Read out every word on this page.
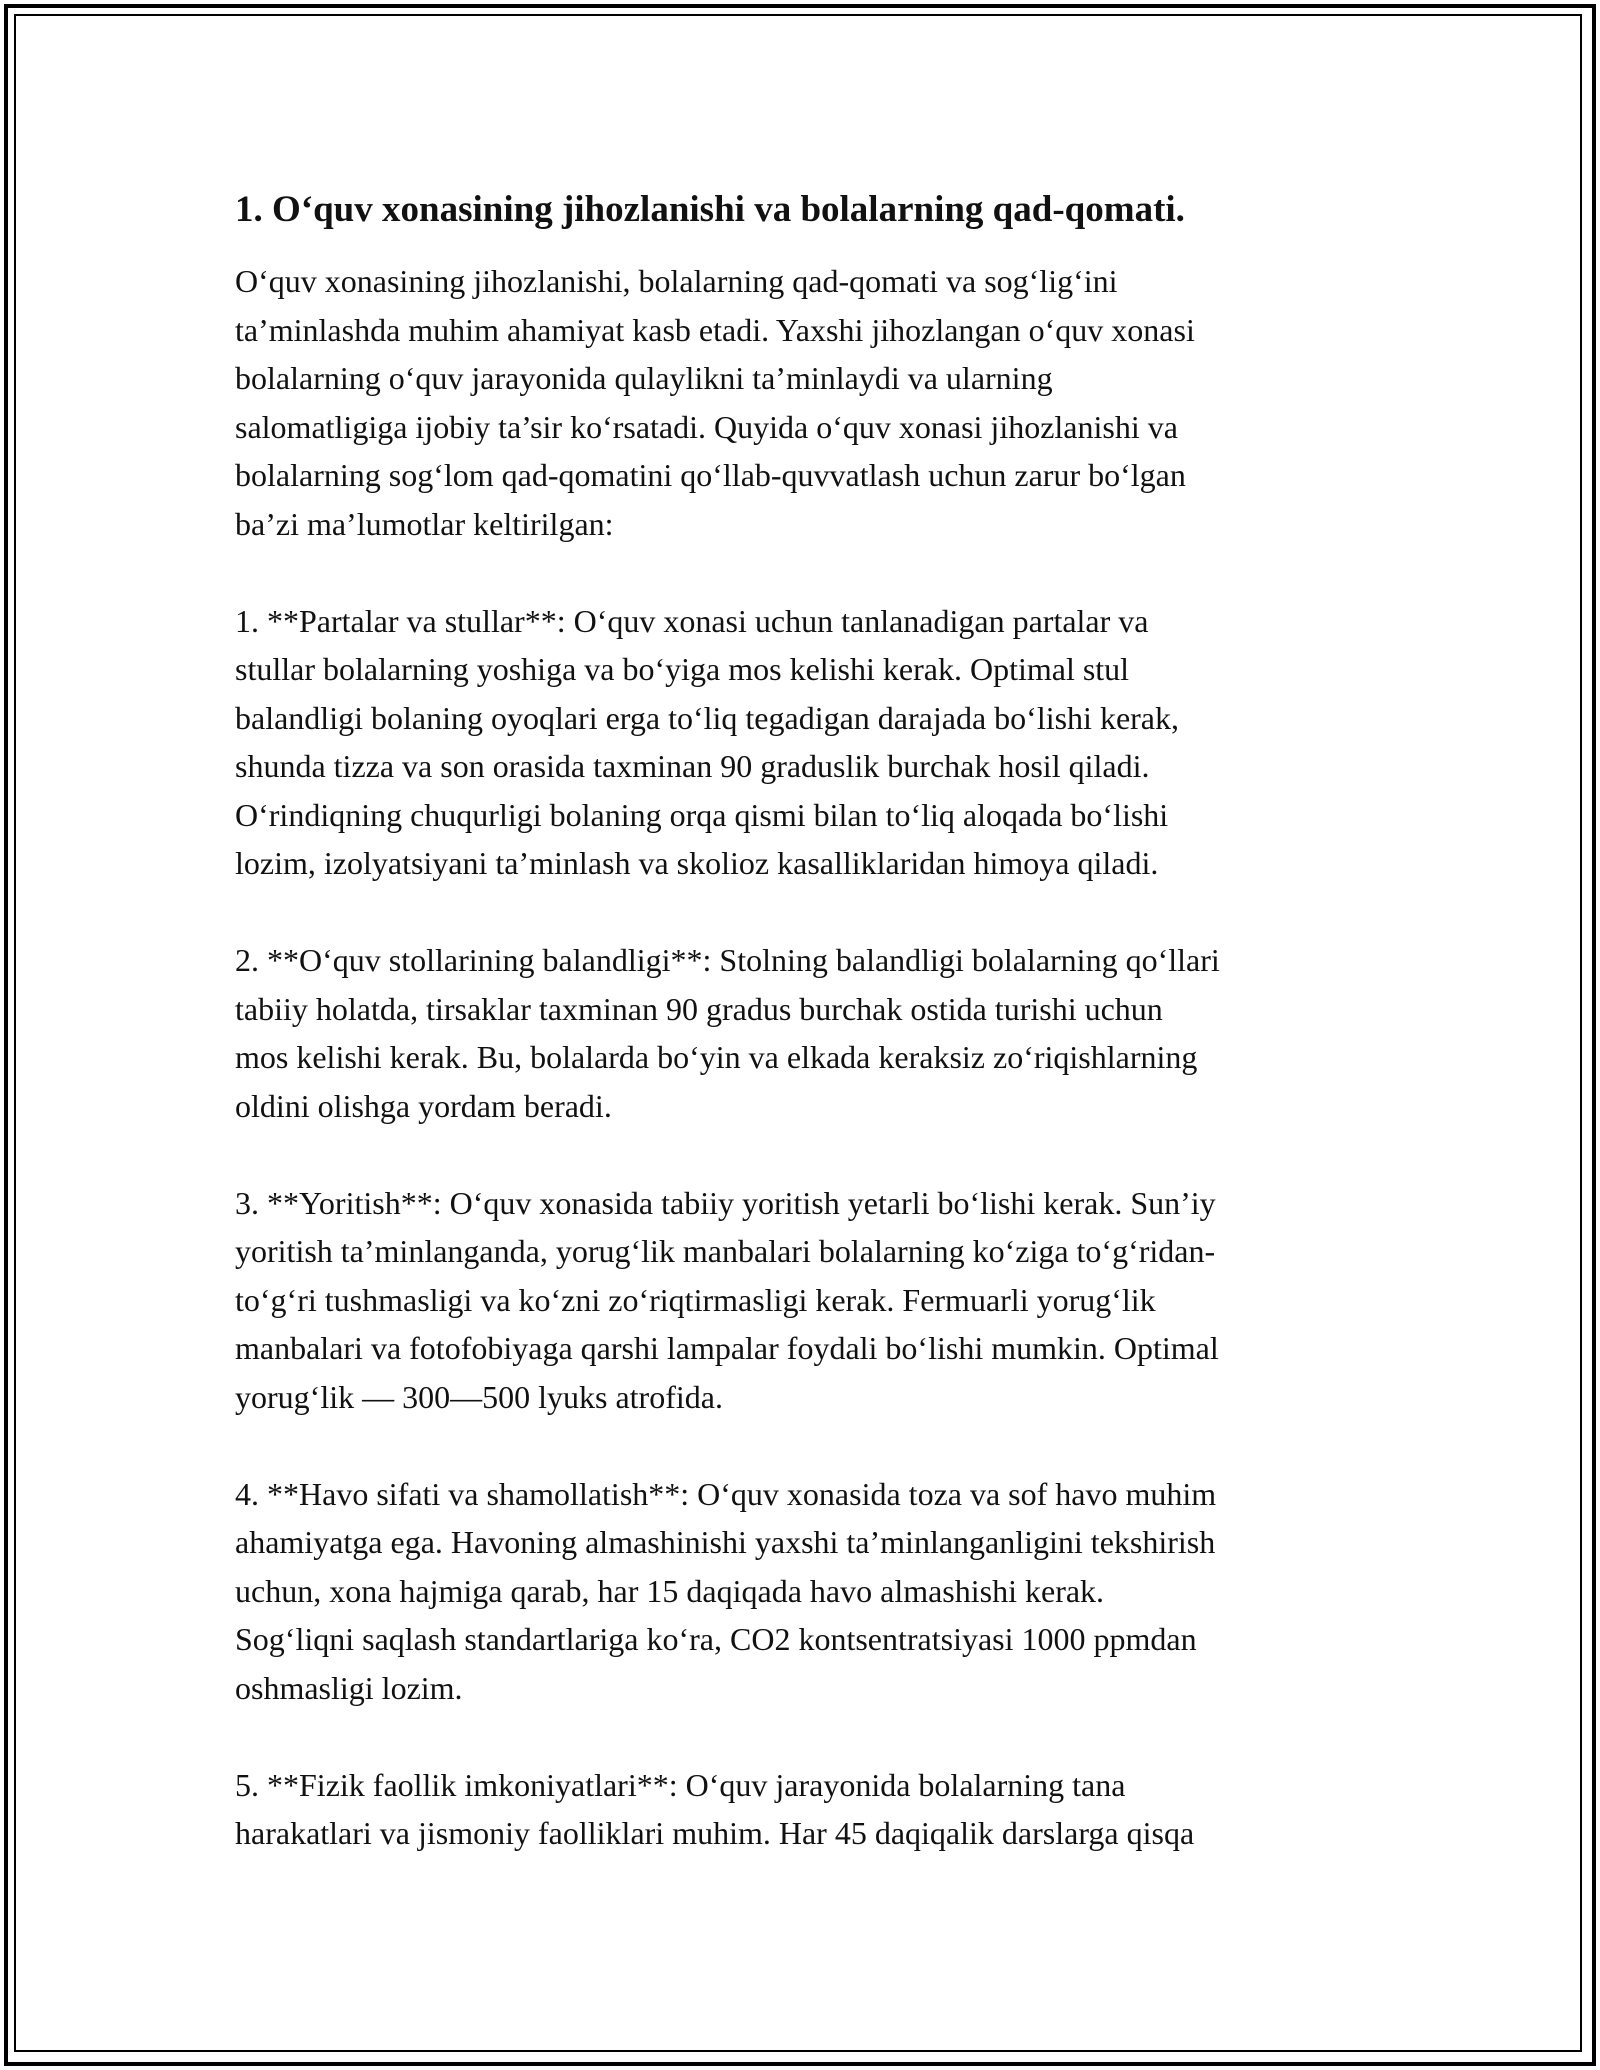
1. O‘quv xonasining jihozlanishi va bolalarning qad-qomati.
O‘quv xonasining jihozlanishi, bolalarning qad-qomati va sog‘lig‘ini
ta’minlashda muhim ahamiyat kasb etadi. Yaxshi jihozlangan o‘quv xonasi
bolalarning o‘quv jarayonida qulaylikni ta’minlaydi va ularning
salomatligiga ijobiy ta’sir ko‘rsatadi. Quyida o‘quv xonasi jihozlanishi va
bolalarning sog‘lom qad-qomatini qo‘llab-quvvatlash uchun zarur bo‘lgan
ba’zi ma’lumotlar keltirilgan:
1. **Partalar va stullar**: O‘quv xonasi uchun tanlanadigan partalar va
stullar bolalarning yoshiga va bo‘yiga mos kelishi kerak. Optimal stul
balandligi bolaning oyoqlari erga to‘liq tegadigan darajada bo‘lishi kerak,
shunda tizza va son orasida taxminan 90 graduslik burchak hosil qiladi.
O‘rindiqning chuqurligi bolaning orqa qismi bilan to‘liq aloqada bo‘lishi
lozim, izolyatsiyani ta’minlash va skolioz kasalliklaridan himoya qiladi.
2. **O‘quv stollarining balandligi**: Stolning balandligi bolalarning qo‘llari
tabiiy holatda, tirsaklar taxminan 90 gradus burchak ostida turishi uchun
mos kelishi kerak. Bu, bolalarda bo‘yin va elkada keraksiz zo‘riqishlarning
oldini olishga yordam beradi.
3. **Yoritish**: O‘quv xonasida tabiiy yoritish yetarli bo‘lishi kerak. Sun’iy
yoritish ta’minlanganda, yorug‘lik manbalari bolalarning ko‘ziga to‘g‘ridan-
to‘g‘ri tushmasligi va ko‘zni zo‘riqtirmasligi kerak. Fermuarli yorug‘lik
manbalari va fotofobiyaga qarshi lampalar foydali bo‘lishi mumkin. Optimal
yorug‘lik — 300—500 lyuks atrofida.
4. **Havo sifati va shamollatish**: O‘quv xonasida toza va sof havo muhim
ahamiyatga ega. Havoning almashinishi yaxshi ta’minlanganligini tekshirish
uchun, xona hajmiga qarab, har 15 daqiqada havo almashishi kerak.
Sog‘liqni saqlash standartlariga ko‘ra, CO2 kontsentratsiyasi 1000 ppmdan
oshmasligi lozim.
5. **Fizik faollik imkoniyatlari**: O‘quv jarayonida bolalarning tana
harakatlari va jismoniy faolliklari muhim. Har 45 daqiqalik darslarga qisqa
